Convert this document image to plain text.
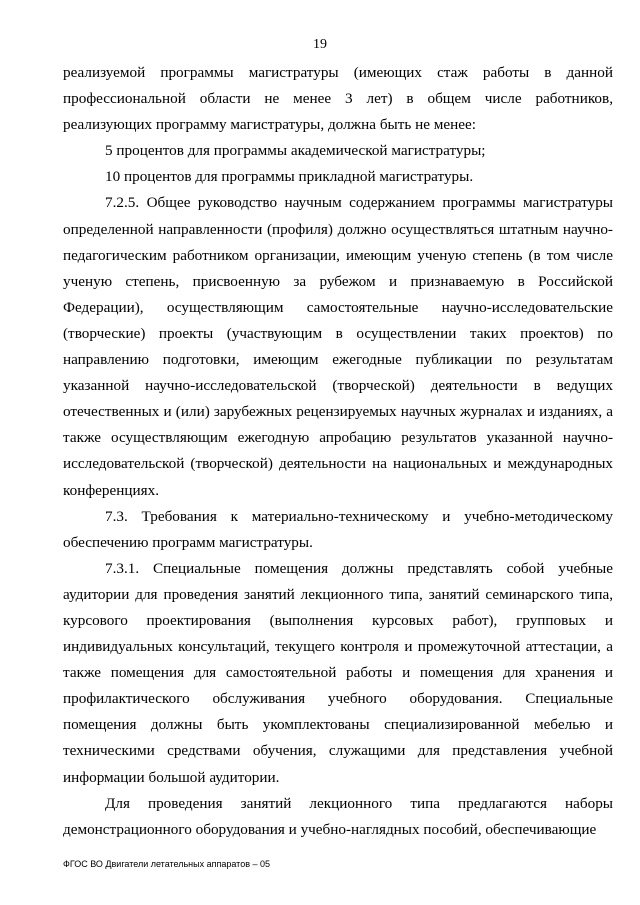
19

реализуемой программы магистратуры (имеющих стаж работы в данной профессиональной области не менее 3 лет) в общем числе работников, реализующих программу магистратуры, должна быть не менее:

5 процентов для программы академической магистратуры;

10 процентов для программы прикладной магистратуры.

7.2.5. Общее руководство научным содержанием программы магистратуры определенной направленности (профиля) должно осуществляться штатным научно-педагогическим работником организации, имеющим ученую степень (в том числе ученую степень, присвоенную за рубежом и признаваемую в Российской Федерации), осуществляющим самостоятельные научно-исследовательские (творческие) проекты (участвующим в осуществлении таких проектов) по направлению подготовки, имеющим ежегодные публикации по результатам указанной научно-исследовательской (творческой) деятельности в ведущих отечественных и (или) зарубежных рецензируемых научных журналах и изданиях, а также осуществляющим ежегодную апробацию результатов указанной научно-исследовательской (творческой) деятельности на национальных и международных конференциях.

7.3. Требования к материально-техническому и учебно-методическому обеспечению программ магистратуры.

7.3.1. Специальные помещения должны представлять собой учебные аудитории для проведения занятий лекционного типа, занятий семинарского типа, курсового проектирования (выполнения курсовых работ), групповых и индивидуальных консультаций, текущего контроля и промежуточной аттестации, а также помещения для самостоятельной работы и помещения для хранения и профилактического обслуживания учебного оборудования. Специальные помещения должны быть укомплектованы специализированной мебелью и техническими средствами обучения, служащими для представления учебной информации большой аудитории.

Для проведения занятий лекционного типа предлагаются наборы демонстрационного оборудования и учебно-наглядных пособий, обеспечивающие

ФГОС ВО Двигатели летательных аппаратов – 05
